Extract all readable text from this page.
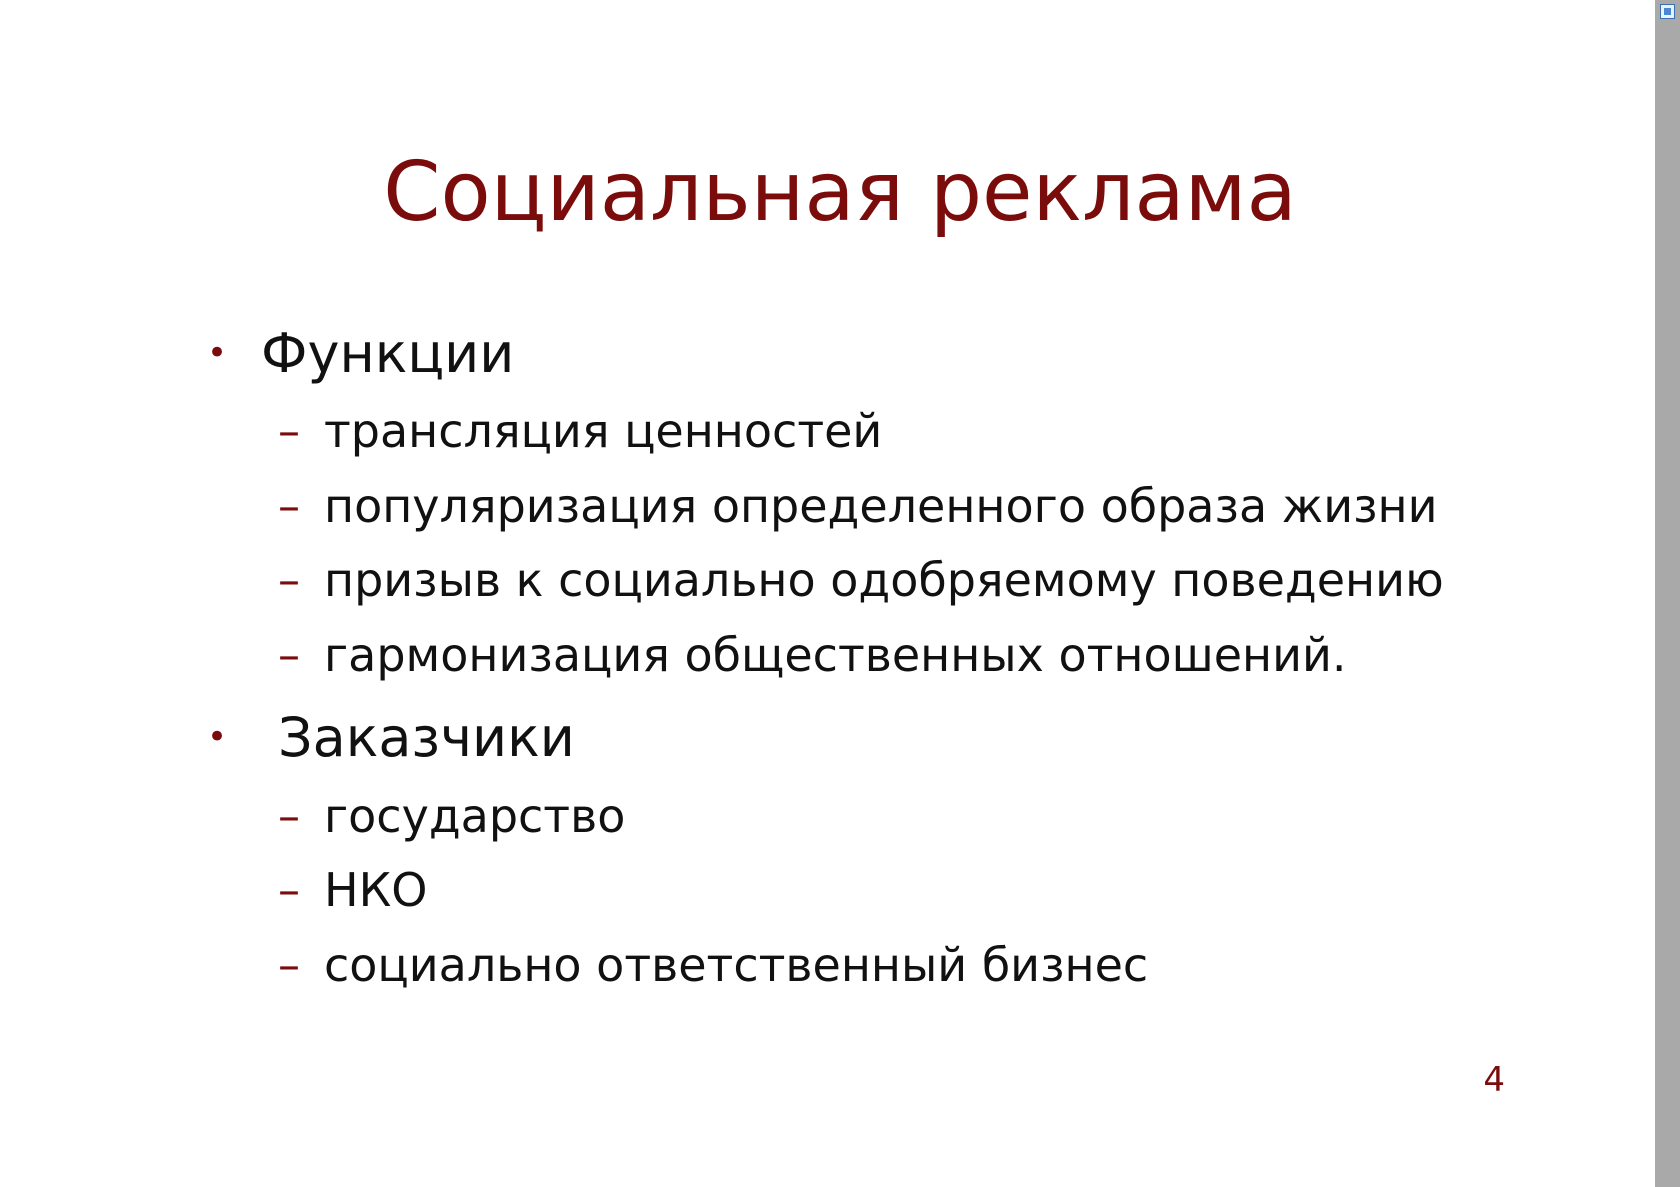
Социальная реклама
• Функции
– трансляция ценностей
– популяризация определенного образа жизни
– призыв к социально одобряемому поведению
– гармонизация общественных отношений.
• Заказчики
– государство
– НКО
– социально ответственный бизнес
4
